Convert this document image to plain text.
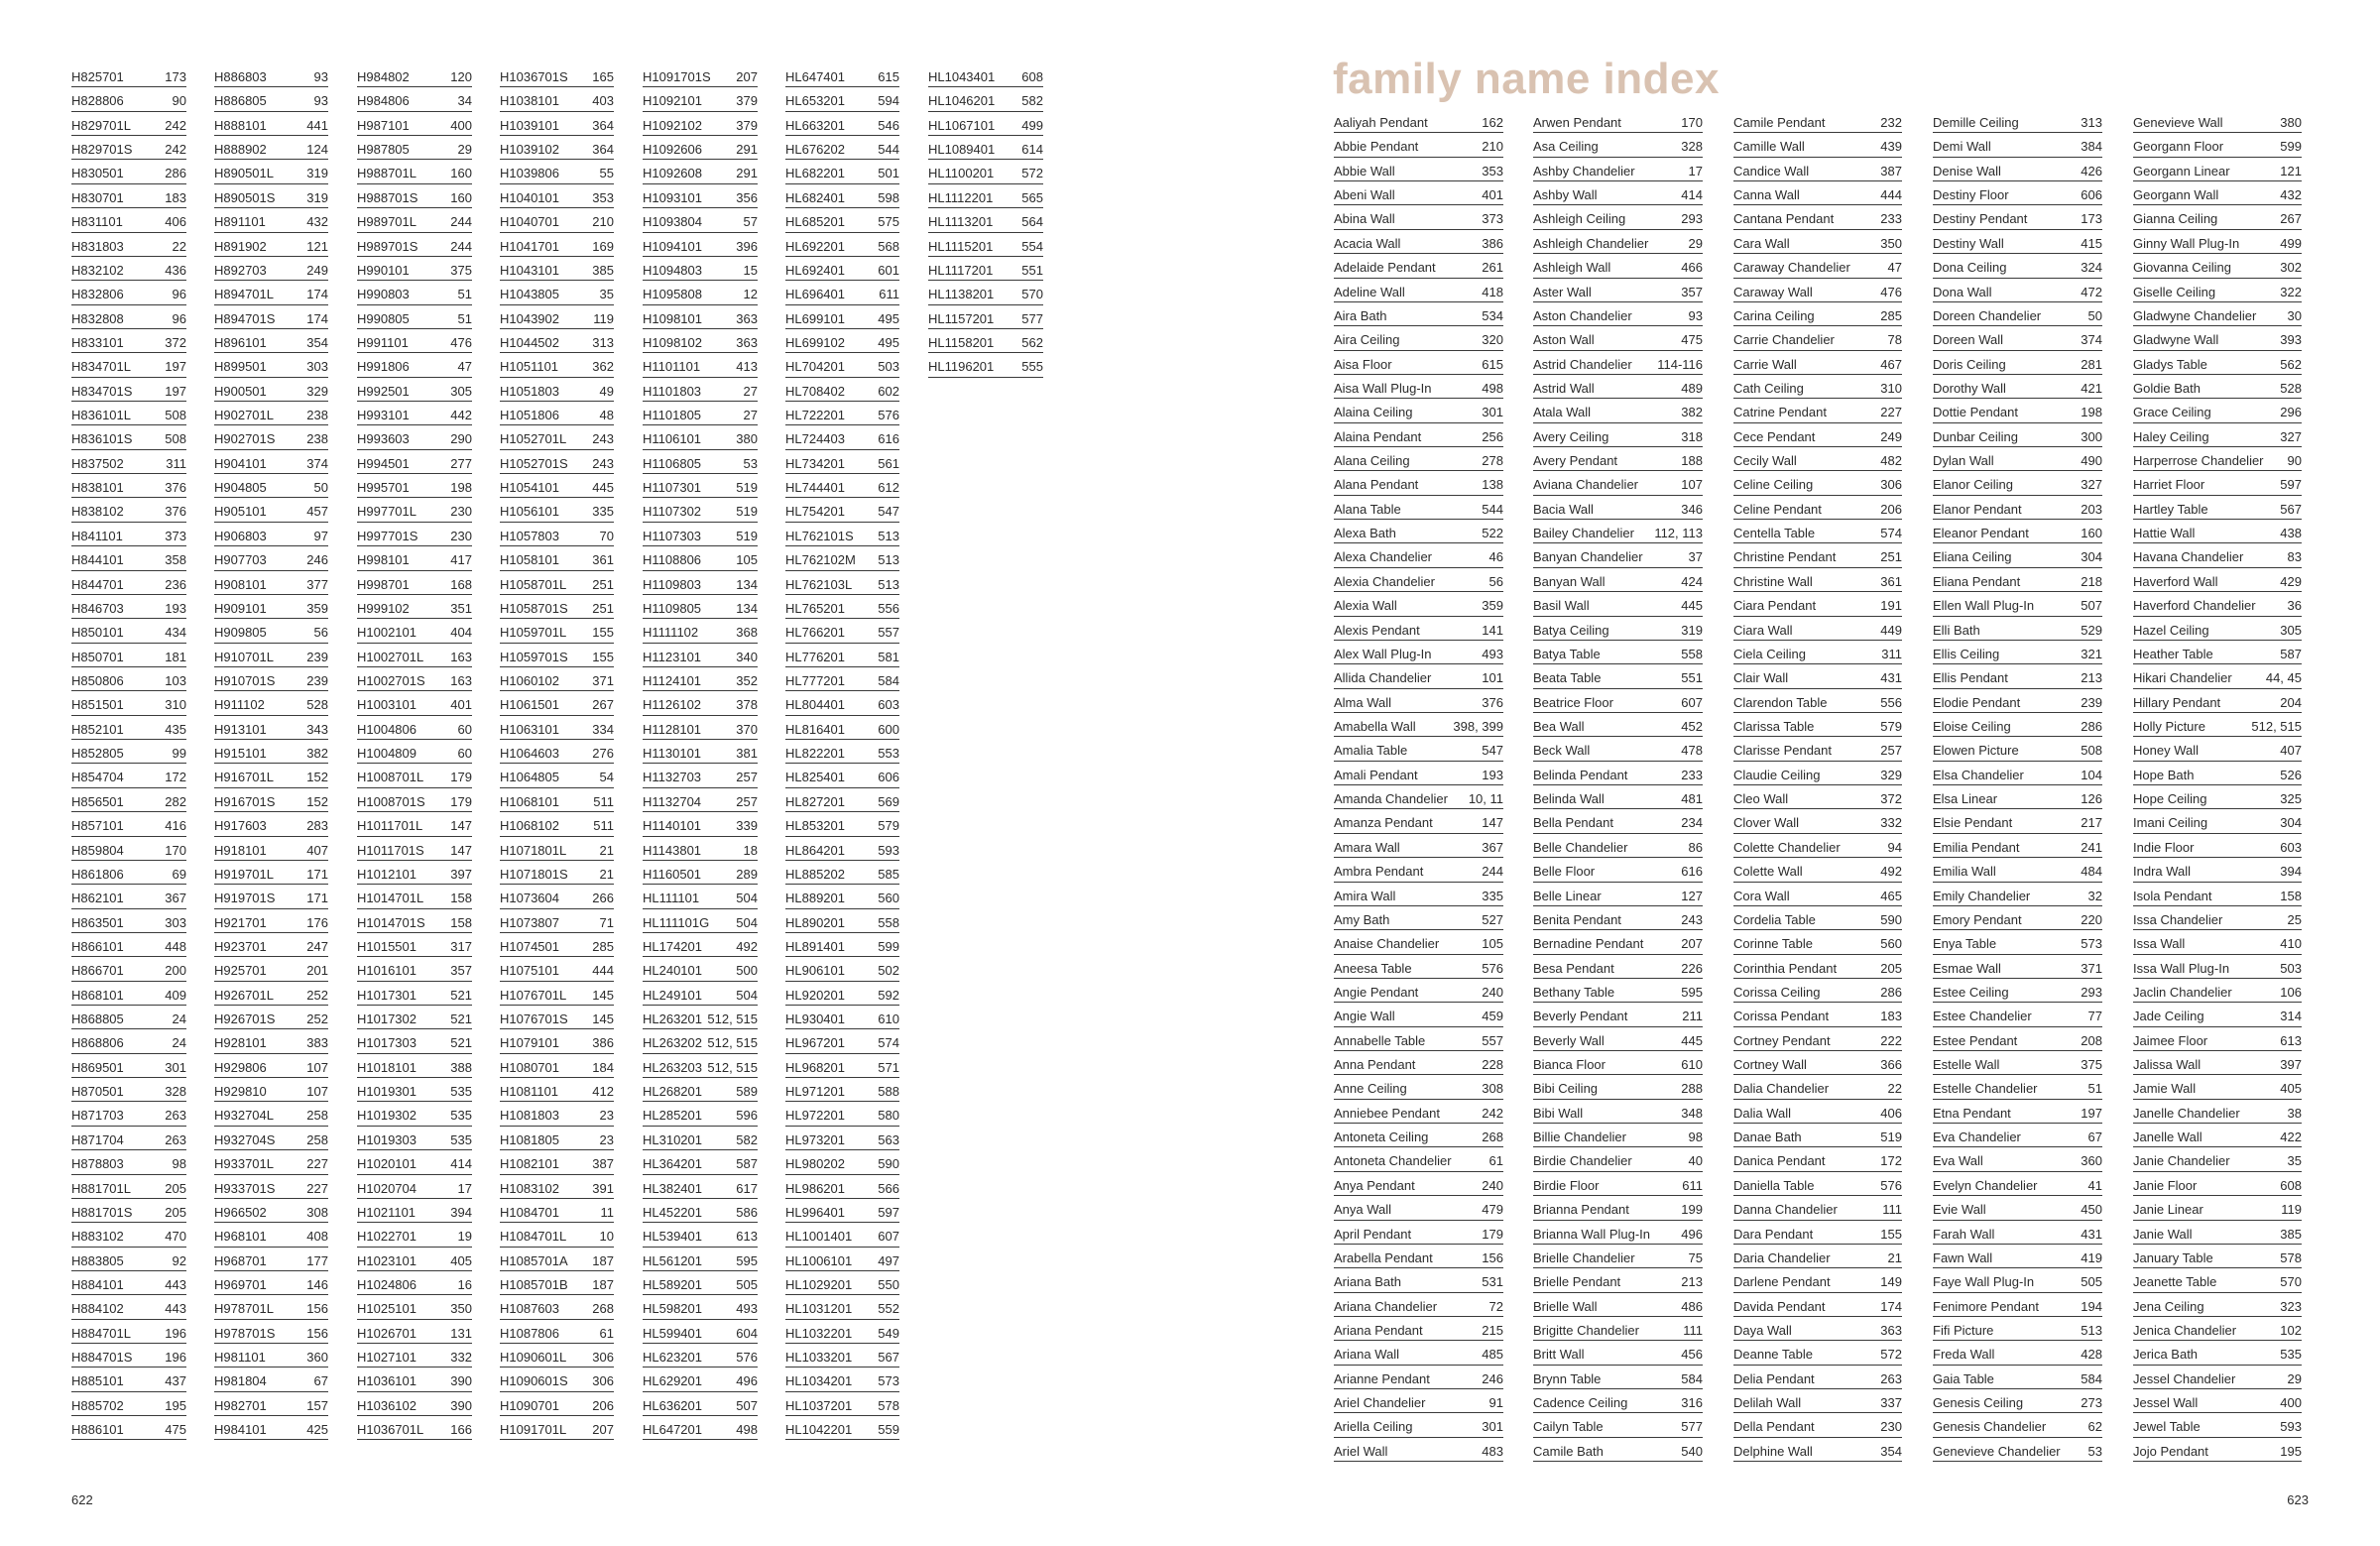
H825701	173
H828806	90
H829701L	242
H829701S	242
H830501	286
H830701	183
H831101	406
H831803	22
H832102	436
H832806	96
H832808	96
H833101	372
H834701L	197
H834701S	197
H836101L	508
H836101S	508
H837502	311
H838101	376
H838102	376
H841101	373
H844101	358
H844701	236
H846703	193
H850101	434
H850701	181
H850806	103
H851501	310
H852101	435
H852805	99
H854704	172
H856501	282
H857101	416
H859804	170
H861806	69
H862101	367
H863501	303
H866101	448
H866701	200
H868101	409
H868805	24
H868806	24
H869501	301
H870501	328
H871703	263
H871704	263
H878803	98
H881701L	205
H881701S	205
H883102	470
H883805	92
H884101	443
H884102	443
H884701L	196
H884701S	196
H885101	437
H885702	195
H886101	475
H886803	93
H886805	93
H888101	441
H888902	124
H890501L	319
H890501S 319
H891101	432
H891902	121
H892703	249
H894701L	174
H894701S 174
H896101	354
H899501	303
H900501	329
H902701L	238
H902701S 238
H904101	374
H904805	50
H905101	457
H906803	97
H907703	246
H908101	377
H909101	359
H909805	56
H910701L	239
H910701S 239
H911102	528
H913101	343
H915101	382
H916701L	152
H916701S 152
H917603	283
H918101	407
H919701L	171
H919701S 171
H921701	176
H923701	247
H925701	201
H926701L	252
H926701S 252
H928101	383
H929806	107
H929810	107
H932704L	258
H932704S 258
H933701L	227
H933701S 227
H966502	308
H968101	408
H968701	177
H969701	146
H978701L	156
H978701S 156
H981101	360
H981804	67
H982701	157
H984101	425
H984802	120
H984806	34
H987101	400
H987805	29
H988701L	160
H988701S	160
H989701L	244
H989701S	244
H990101	375
H990803	51
H990805	51
H991101	476
H991806	47
H992501	305
H993101	442
H993603	290
H994501	277
H995701	198
H997701L	230
H997701S	230
H998101	417
H998701	168
H999102	351
H1002101	404
H1002701L 163
H1002701S 163
H1003101	401
H1004806	60
H1004809	60
H1008701L 179
H1008701S 179
H1011701L 147
H1011701S 147
H1012101	397
H1014701L 158
H1014701S 158
H1015501	317
H1016101	357
H1017301	521
H1017302	521
H1017303	521
H1018101	388
H1019301	535
H1019302	535
H1019303	535
H1020101	414
H1020704	17
H1021101	394
H1022701	19
H1023101	405
H1024806	16
H1025101	350
H1026701	131
H1027101	332
H1036101	390
H1036102	390
H1036701L 166
H1036701S 165
H1038101	403
H1039101	364
H1039102	364
H1039806	55
H1040101	353
H1040701	210
H1041701	169
H1043101	385
H1043805	35
H1043902	119
H1044502	313
H1051101	362
H1051803	49
H1051806	48
H1052701L 243
H1052701S 243
H1054101	445
H1056101	335
H1057803	70
H1058101	361
H1058701L 251
H1058701S 251
H1059701L 155
H1059701S 155
H1060102	371
H1061501	267
H1063101	334
H1064603	276
H1064805	54
H1068101	511
H1068102	511
H1071801L	21
H1071801S 21
H1073604	266
H1073807	71
H1074501	285
H1075101	444
H1076701L 145
H1076701S 145
H1079101	386
H1080701	184
H1081101	412
H1081803	23
H1081805	23
H1082101	387
H1083102	391
H1084701	11
H1084701L	10
H1085701A 187
H1085701B 187
H1087603	268
H1087806	61
H1090601L 306
H1090601S 306
H1090701	206
H1091701L 207
H1091701S 207
H1092101	379
H1092102	379
H1092606	291
H1092608	291
H1093101	356
H1093804	57
H1094101	396
H1094803	15
H1095808	12
H1098101	363
H1098102	363
H1101101	413
H1101803	27
H1101805	27
H1106101	380
H1106805	53
H1107301	519
H1107302	519
H1107303	519
H1108806	105
H1109803	134
H1109805	134
H1111102	368
H1123101	340
H1124101	352
H1126102	378
H1128101	370
H1130101	381
H1132703	257
H1132704	257
H1140101	339
H1143801	18
H1160501	289
HL111101	504
HL111101G 504
HL174201	492
HL240101	500
HL249101	504
HL263201 512, 515
HL263202 512, 515
HL263203 512, 515
HL268201	589
HL285201	596
HL310201	582
HL364201	587
HL382401	617
HL452201	586
HL539401	613
HL561201	595
HL589201	505
HL598201	493
HL599401	604
HL623201	576
HL629201	496
HL636201	507
HL647201	498
HL647401	615
HL653201	594
HL663201	546
HL676202	544
HL682201	501
HL682401	598
HL685201	575
HL692201	568
HL692401	601
HL696401	611
HL699101	495
HL699102	495
HL704201	503
HL708402	602
HL722201	576
HL724403	616
HL734201	561
HL744401	612
HL754201	547
HL762101S 513
HL762102M 513
HL762103L 513
HL765201	556
HL766201	557
HL776201	581
HL777201	584
HL804401	603
HL816401	600
HL822201	553
HL825401	606
HL827201	569
HL853201	579
HL864201	593
HL885202	585
HL889201	560
HL890201	558
HL891401	599
HL906101	502
HL920201	592
HL930401	610
HL967201	574
HL968201	571
HL971201	588
HL972201	580
HL973201	563
HL980202	590
HL986201	566
HL996401	597
HL1001401 607
HL1006101 497
HL1029201 550
HL1031201 552
HL1032201 549
HL1033201 567
HL1034201 573
HL1037201 578
HL1042201 559
HL1043401 608
HL1046201 582
HL1067101 499
HL1089401 614
HL1100201 572
HL1112201 565
HL1113201 564
HL1115201 554
HL1117201 551
HL1138201 570
HL1157201 577
HL1158201 562
HL1196201 555
622	623
family name index
Aaliyah Pendant	162
Abbie Pendant	210
Abbie Wall	353
Abeni Wall	401
Abina Wall	373
Acacia Wall	386
Adelaide Pendant	261
Adeline Wall	418
Aira Bath	534
Aira Ceiling	320
Aisa Floor	615
Aisa Wall Plug-In	498
Alaina Ceiling	301
Alaina Pendant	256
Alana Ceiling	278
Alana Pendant	138
Alana Table	544
Alexa Bath	522
Alexa Chandelier	46
Alexia Chandelier	56
Alexia Wall	359
Alexis Pendant	141
Alex Wall Plug-In	493
Allida Chandelier	101
Alma Wall	376
Amabella Wall	398, 399
Amalia Table	547
Amali Pendant	193
Amanda Chandelier 10, 11
Amanza Pendant	147
Amara Wall	367
Ambra Pendant	244
Amira Wall	335
Amy Bath	527
Anaise Chandelier	105
Aneesa Table	576
Angie Pendant	240
Angie Wall	459
Annabelle Table	557
Anna Pendant	228
Anne Ceiling	308
Anniebee Pendant	242
Antoneta Ceiling	268
Antoneta Chandelier	61
Anya Pendant	240
Anya Wall	479
April Pendant	179
Arabella Pendant	156
Ariana Bath	531
Ariana Chandelier	72
Ariana Pendant	215
Ariana Wall	485
Arianne Pendant	246
Ariel Chandelier	91
Ariella Ceiling	301
Ariel Wall	483
Arwen Pendant	170
Asa Ceiling	328
Ashby Chandelier	17
Ashby Wall	414
Ashleigh Ceiling	293
Ashleigh Chandelier	29
Ashleigh Wall	466
Aster Wall	357
Aston Chandelier	93
Aston Wall	475
Astrid Chandelier 114-116
Astrid Wall	489
Atala Wall	382
Avery Ceiling	318
Avery Pendant	188
Aviana Chandelier	107
Bacia Wall	346
Bailey Chandelier 112, 113
Banyan Chandelier	37
Banyan Wall	424
Basil Wall	445
Batya Ceiling	319
Batya Table	558
Beata Table	551
Beatrice Floor	607
Bea Wall	452
Beck Wall	478
Belinda Pendant	233
Belinda Wall	481
Bella Pendant	234
Belle Chandelier	86
Belle Floor	616
Belle Linear	127
Benita Pendant	243
Bernadine Pendant	207
Besa Pendant	226
Bethany Table	595
Beverly Pendant	211
Beverly Wall	445
Bianca Floor	610
Bibi Ceiling	288
Bibi Wall	348
Billie Chandelier	98
Birdie Chandelier	40
Birdie Floor	611
Brianna Pendant	199
Brianna Wall Plug-In 496
Brielle Chandelier	75
Brielle Pendant	213
Brielle Wall	486
Brigitte Chandelier	111
Britt Wall	456
Brynn Table	584
Cadence Ceiling	316
Cailyn Table	577
Camile Bath	540
Camile Pendant	232
Camille Wall	439
Candice Wall	387
Canna Wall	444
Cantana Pendant	233
Cara Wall	350
Caraway Chandelier	47
Caraway Wall	476
Carina Ceiling	285
Carrie Chandelier	78
Carrie Wall	467
Cath Ceiling	310
Catrine Pendant	227
Cece Pendant	249
Cecily Wall	482
Celine Ceiling	306
Celine Pendant	206
Centella Table	574
Christine Pendant	251
Christine Wall	361
Ciara Pendant	191
Ciara Wall	449
Ciela Ceiling	311
Clair Wall	431
Clarendon Table	556
Clarissa Table	579
Clarisse Pendant	257
Claudie Ceiling	329
Cleo Wall	372
Clover Wall	332
Colette Chandelier	94
Colette Wall	492
Cora Wall	465
Cordelia Table	590
Corinne Table	560
Corinthia Pendant	205
Corissa Ceiling	286
Corissa Pendant	183
Cortney Pendant	222
Cortney Wall	366
Dalia Chandelier	22
Dalia Wall	406
Danae Bath	519
Danica Pendant	172
Daniella Table	576
Danna Chandelier	111
Dara Pendant	155
Daria Chandelier	21
Darlene Pendant	149
Davida Pendant	174
Daya Wall	363
Deanne Table	572
Delia Pendant	263
Delilah Wall	337
Della Pendant	230
Delphine Wall	354
Demille Ceiling	313
Demi Wall	384
Denise Wall	426
Destiny Floor	606
Destiny Pendant	173
Destiny Wall	415
Dona Ceiling	324
Dona Wall	472
Doreen Chandelier	50
Doreen Wall	374
Doris Ceiling	281
Dorothy Wall	421
Dottie Pendant	198
Dunbar Ceiling	300
Dylan Wall	490
Elanor Ceiling	327
Elanor Pendant	203
Eleanor Pendant	160
Eliana Ceiling	304
Eliana Pendant	218
Ellen Wall Plug-In	507
Elli Bath	529
Ellis Ceiling	321
Ellis Pendant	213
Elodie Pendant	239
Eloise Ceiling	286
Elowen Picture	508
Elsa Chandelier	104
Elsa Linear	126
Elsie Pendant	217
Emilia Pendant	241
Emilia Wall	484
Emily Chandelier	32
Emory Pendant	220
Enya Table	573
Esmae Wall	371
Estee Ceiling	293
Estee Chandelier	77
Estee Pendant	208
Estelle Wall	375
Estelle Chandelier	51
Etna Pendant	197
Eva Chandelier	67
Eva Wall	360
Evelyn Chandelier	41
Evie Wall	450
Farah Wall	431
Fawn Wall	419
Faye Wall Plug-In	505
Fenimore Pendant	194
Fifi Picture	513
Freda Wall	428
Gaia Table	584
Genesis Ceiling	273
Genesis Chandelier	62
Genevieve Chandelier 53
Genevieve Wall	380
Georgann Floor	599
Georgann Linear	121
Georgann Wall	432
Gianna Ceiling	267
Ginny Wall Plug-In	499
Giovanna Ceiling	302
Giselle Ceiling	322
Gladwyne Chandelier 30
Gladwyne Wall	393
Gladys Table	562
Goldie Bath	528
Grace Ceiling	296
Haley Ceiling	327
Harperrose Chandelier 90
Harriet Floor	597
Hartley Table	567
Hattie Wall	438
Havana Chandelier	83
Haverford Wall	429
Haverford Chandelier 36
Hazel Ceiling	305
Heather Table	587
Hikari Chandelier	44, 45
Hillary Pendant	204
Holly Picture	512, 515
Honey Wall	407
Hope Bath	526
Hope Ceiling	325
Imani Ceiling	304
Indie Floor	603
Indra Wall	394
Isola Pendant	158
Issa Chandelier	25
Issa Wall	410
Issa Wall Plug-In	503
Jaclin Chandelier	106
Jade Ceiling	314
Jaimee Floor	613
Jalissa Wall	397
Jamie Wall	405
Janelle Chandelier	38
Janelle Wall	422
Janie Chandelier	35
Janie Floor	608
Janie Linear	119
Janie Wall	385
January Table	578
Jeanette Table	570
Jena Ceiling	323
Jenica Chandelier	102
Jerica Bath	535
Jessel Chandelier	29
Jessel Wall	400
Jewel Table	593
Jojo Pendant	195
